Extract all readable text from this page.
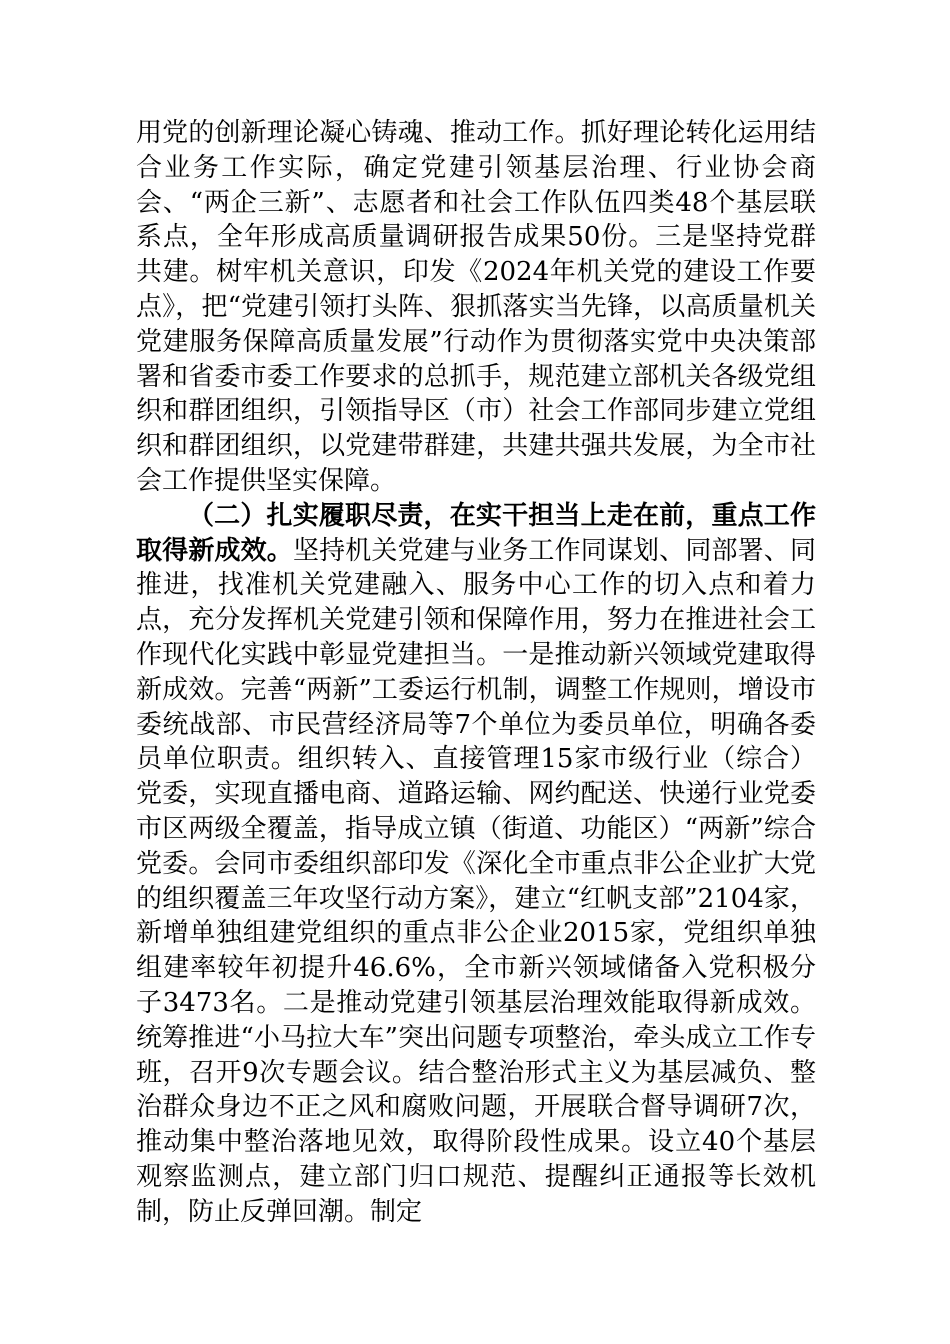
用党的创新理论凝心铸魂、推动工作。抓好理论转化运用结合业务工作实际，确定党建引领基层治理、行业协会商会、“两企三新”、志愿者和社会工作队伍四类48个基层联系点，全年形成高质量调研报告成果50份。三是坚持党群共建。树牢机关意识，印发《2024年机关党的建设工作要点》，把“党建引领打头阵、狠抓落实当先锋，以高质量机关党建服务保障高质量发展”行动作为贯彻落实党中央决策部署和省委市委工作要求的总抓手，规范建立部机关各级党组织和群团组织，引领指导区（市）社会工作部同步建立党组织和群团组织，以党建带群建，共建共强共发展，为全市社会工作提供坚实保障。

（二）扎实履职尽责，在实干担当上走在前，重点工作取得新成效。坚持机关党建与业务工作同谋划、同部署、同推进，找准机关党建融入、服务中心工作的切入点和着力点，充分发挥机关党建引领和保障作用，努力在推进社会工作现代化实践中彰显党建担当。一是推动新兴领域党建取得新成效。完善“两新”工委运行机制，调整工作规则，增设市委统战部、市民营经济局等7个单位为委员单位，明确各委员单位职责。组织转入、直接管理15家市级行业（综合）党委，实现直播电商、道路运输、网约配送、快递行业党委市区两级全覆盖，指导成立镇（街道、功能区）“两新”综合党委。会同市委组织部印发《深化全市重点非公企业扩大党的组织覆盖三年攻坚行动方案》，建立“红帆支部”2104家，新增单独组建党组织的重点非公企业2015家，党组织单独组建率较年初提升46.6%，全市新兴领域储备入党积极分子3473名。二是推动党建引领基层治理效能取得新成效。统筹推进“小马拉大车”突出问题专项整治，牵头成立工作专班，召开9次专题会议。结合整治形式主义为基层减负、整治群众身边不正之风和腐败问题，开展联合督导调研7次，推动集中整治落地见效，取得阶段性成果。设立40个基层观察监测点，建立部门归口规范、提醒纠正通报等长效机制，防止反弹回潮。制定
